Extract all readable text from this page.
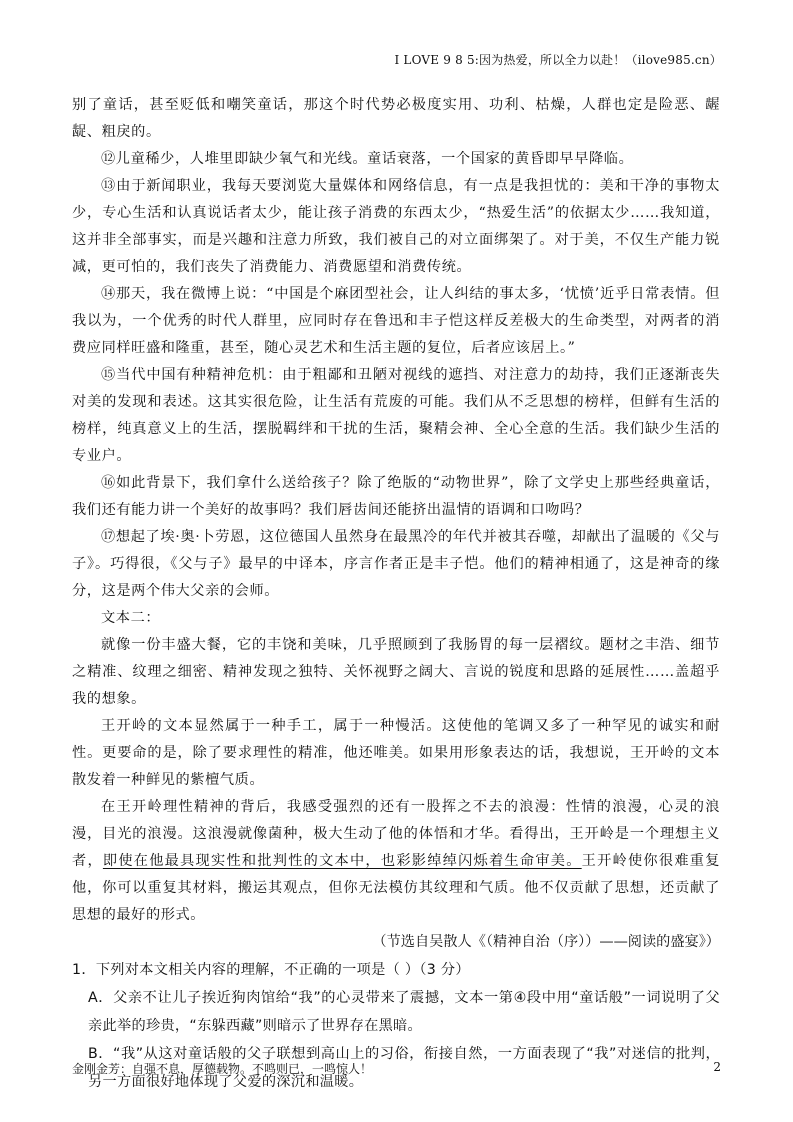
I LOVE 9 8 5:因为热爱，所以全力以赴！（ilove985.cn）

别了童话，甚至贬低和嘲笑童话，那这个时代势必极度实用、功利、枯燥，人群也定是险恶、龌龊、粗戾的。

⑫儿童稀少，人堆里即缺少氧气和光线。童话衰落，一个国家的黄昏即早早降临。

⑬由于新闻职业，我每天要浏览大量媒体和网络信息，有一点是我担忧的：美和干净的事物太少，专心生活和认真说话者太少，能让孩子消费的东西太少，“热爱生活”的依据太少……我知道，这并非全部事实，而是兴趣和注意力所致，我们被自己的对立面绑架了。对于美，不仅生产能力锐减，更可怕的，我们丧失了消费能力、消费愿望和消费传统。

⑭那天，我在微博上说：“中国是个麻团型社会，让人纠结的事太多，‘忧愤’近乎日常表情。但我以为，一个优秀的时代人群里，应同时存在鲁迅和丰子恺这样反差极大的生命类型，对两者的消费应同样旺盛和隆重，甚至，随心灵艺术和生活主题的复位，后者应该居上。”

⑮当代中国有种精神危机：由于粗鄙和丑陋对视线的遮挡、对注意力的劫持，我们正逐渐丧失对美的发现和表述。这其实很危险，让生活有荒废的可能。我们从不乏思想的榜样，但鲜有生活的榜样，纯真意义上的生活，摆脱羁绊和干扰的生活，聚精会神、全心全意的生活。我们缺少生活的专业户。

⑯如此背景下，我们拿什么送给孩子？除了绝版的“动物世界”，除了文学史上那些经典童话，我们还有能力讲一个美好的故事吗？我们唇齿间还能挤出温情的语调和口吻吗？

⑰想起了埃·奥·卜劳恩，这位德国人虽然身在最黑冷的年代并被其吞噬，却献出了温暖的《父与子》。巧得很，《父与子》最早的中译本，序言作者正是丰子恺。他们的精神相通了，这是神奇的缘分，这是两个伟大父亲的会师。

文本二：

就像一份丰盛大餐，它的丰饶和美味，几乎照顾到了我肠胃的每一层褶纹。题材之丰浩、细节之精准、纹理之细密、精神发现之独特、关怀视野之阔大、言说的锐度和思路的延展性……盖超乎我的想象。

王开岭的文本显然属于一种手工，属于一种慢活。这使他的笔调又多了一种罕见的诚实和耐性。更要命的是，除了要求理性的精准，他还唯美。如果用形象表达的话，我想说，王开岭的文本散发着一种鲜见的紫檀气质。

在王开岭理性精神的背后，我感受强烈的还有一股挥之不去的浪漫：性情的浪漫，心灵的浪漫，目光的浪漫。这浪漫就像菌种，极大生动了他的体悟和才华。看得出，王开岭是一个理想主义者，即使在他最具现实性和批判性的文本中，也彩影绰绰闪烁着生命审美。王开岭使你很难重复他，你可以重复其材料，搬运其观点，但你无法模仿其纹理和气质。他不仅贡献了思想，还贡献了思想的最好的形式。

（节选自吴散人《（精神自治（序））——阅读的盛宴》）

1．下列对本文相关内容的理解，不正确的一项是（ ）（3 分）

A．父亲不让儿子挨近狗肉馆给“我”的心灵带来了震撼，文本一第④段中用“童话般”一词说明了父亲此举的珍贵，“东躲西藏”则暗示了世界存在黑暗。

B．“我”从这对童话般的父子联想到高山上的习俗，衔接自然，一方面表现了“我”对迷信的批判，另一方面很好地体现了父爱的深沉和温暖。

金刚金芳：自强不息，厚德载物。不鸣则已，一鸣惊人！	2
